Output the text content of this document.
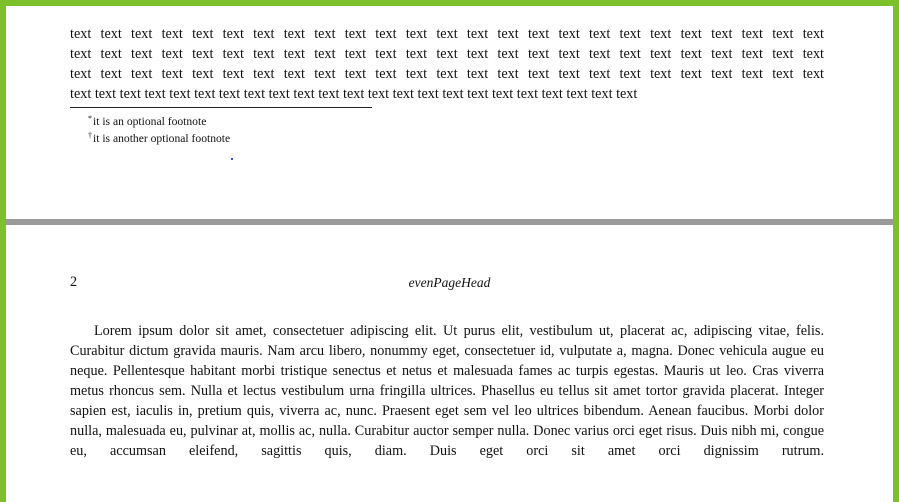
text text text text text text text text text text text text text text text text text text text text text text text text text
text text text text text text text text text text text text text text text text text text text text text text text text text
text text text text text text text text text text text text text text text text text text text text text text text text text
text text text text text text text text text text text text text text text text text text text text text text text
*it is an optional footnote
†it is another optional footnote
2	evenPageHead
Lorem ipsum dolor sit amet, consectetuer adipiscing elit. Ut purus elit, vestibulum ut, placerat ac, adipiscing vitae, felis. Curabitur dictum gravida mauris. Nam arcu libero, nonummy eget, consectetuer id, vulputate a, magna. Donec vehicula augue eu neque. Pellentesque habitant morbi tristique senectus et netus et malesuada fames ac turpis egestas. Mauris ut leo. Cras viverra metus rhoncus sem. Nulla et lectus vestibulum urna fringilla ultrices. Phasellus eu tellus sit amet tortor gravida placerat. Integer sapien est, iaculis in, pretium quis, viverra ac, nunc. Praesent eget sem vel leo ultrices bibendum. Aenean faucibus. Morbi dolor nulla, malesuada eu, pulvinar at, mollis ac, nulla. Curabitur auctor semper nulla. Donec varius orci eget risus. Duis nibh mi, congue eu, accumsan eleifend, sagittis quis, diam. Duis eget orci sit amet orci dignissim rutrum.
